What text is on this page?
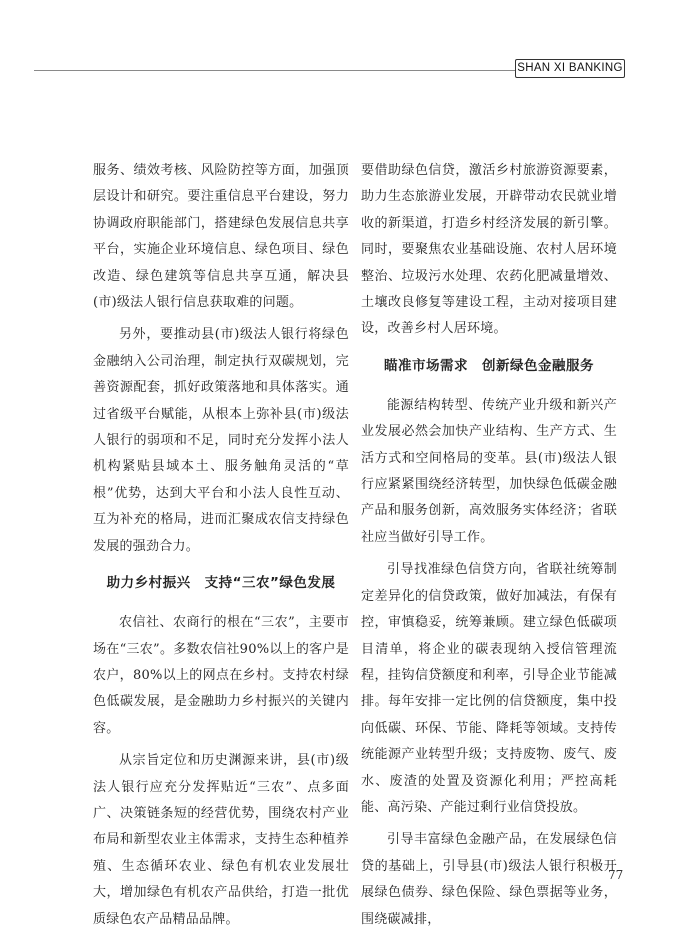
SHAN XI BANKING

服务、绩效考核、风险防控等方面，加强顶层设计和研究。要注重信息平台建设，努力协调政府职能部门，搭建绿色发展信息共享平台，实施企业环境信息、绿色项目、绿色改造、绿色建筑等信息共享互通，解决县(市)级法人银行信息获取难的问题。

另外，要推动县(市)级法人银行将绿色金融纳入公司治理，制定执行双碳规划，完善资源配套，抓好政策落地和具体落实。通过省级平台赋能，从根本上弥补县(市)级法人银行的弱项和不足，同时充分发挥小法人机构紧贴县域本土、服务触角灵活的“草根”优势，达到大平台和小法人良性互动、互为补充的格局，进而汇聚成农信支持绿色发展的强劲合力。

助力乡村振兴　支持“三农”绿色发展

农信社、农商行的根在“三农”，主要市场在“三农”。多数农信社90%以上的客户是农户，80%以上的网点在乡村。支持农村绿色低碳发展，是金融助力乡村振兴的关键内容。

从宗旨定位和历史渊源来讲，县(市)级法人银行应充分发挥贴近“三农”、点多面广、决策链条短的经营优势，围绕农村产业布局和新型农业主体需求，支持生态种植养殖、生态循环农业、绿色有机农业发展壮大，增加绿色有机农产品供给，打造一批优质绿色农产品精品品牌。

要借助绿色信贷，激活乡村旅游资源要素，助力生态旅游业发展，开辟带动农民就业增收的新渠道，打造乡村经济发展的新引擎。同时，要聚焦农业基础设施、农村人居环境整治、垃圾污水处理、农药化肥减量增效、土壤改良修复等建设工程，主动对接项目建设，改善乡村人居环境。

瞄准市场需求　创新绿色金融服务

能源结构转型、传统产业升级和新兴产业发展必然会加快产业结构、生产方式、生活方式和空间格局的变革。县(市)级法人银行应紧紧围绕经济转型，加快绿色低碳金融产品和服务创新，高效服务实体经济；省联社应当做好引导工作。

引导找准绿色信贷方向，省联社统筹制定差异化的信贷政策，做好加减法，有保有控，审慎稳妥，统筹兼顾。建立绿色低碳项目清单，将企业的碳表现纳入授信管理流程，挂钩信贷额度和利率，引导企业节能减排。每年安排一定比例的信贷额度，集中投向低碳、环保、节能、降耗等领域。支持传统能源产业转型升级；支持废物、废气、废水、废渣的处置及资源化利用；严控高耗能、高污染、产能过剩行业信贷投放。

引导丰富绿色金融产品，在发展绿色信贷的基础上，引导县(市)级法人银行积极开展绿色债券、绿色保险、绿色票据等业务，围绕碳减排，

77
